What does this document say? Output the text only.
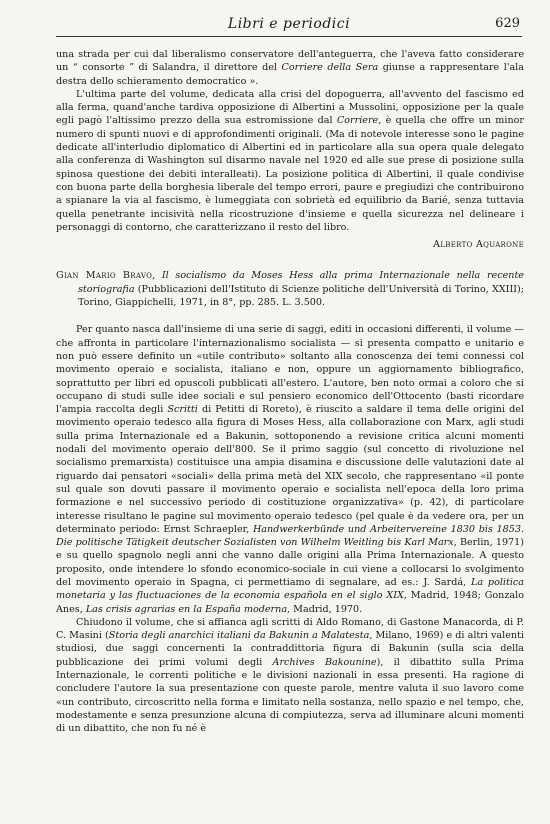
Libri e periodici	629

una strada per cui dal liberalismo conservatore dell'anteguerra, che l'aveva fatto considerare un “ consorte ” di Salandra, il direttore del Corriere della Sera giunse a rappresentare l'ala destra dello schieramento democratico ».

L'ultima parte del volume, dedicata alla crisi del dopoguerra, all'avvento del fascismo ed alla ferma, quand'anche tardiva opposizione di Albertini a Mussolini, opposizione per la quale egli pagò l'altissimo prezzo della sua estromissione dal Corriere, è quella che offre un minor numero di spunti nuovi e di approfondimenti originali. (Ma di notevole interesse sono le pagine dedicate all'interludio diplomatico di Albertini ed in particolare alla sua opera quale delegato alla conferenza di Washington sul disarmo navale nel 1920 ed alle sue prese di posizione sulla spinosa questione dei debiti interalleati). La posizione politica di Albertini, il quale condivise con buona parte della borghesia liberale del tempo errori, paure e pregiudizi che contribuirono a spianare la via al fascismo, è lumeggiata con sobrietà ed equilibrio da Barié, senza tuttavia quella penetrante incisività nella ricostruzione d'insieme e quella sicurezza nel delineare i personaggi di contorno, che caratterizzano il resto del libro.

Alberto Aquarone

Gian Mario Bravo, Il socialismo da Moses Hess alla prima Internazionale nella recente storiografia (Pubblicazioni dell'Istituto di Scienze politiche dell'Università di Torino, XXIII); Torino, Giappichelli, 1971, in 8°, pp. 285. L. 3.500.

Per quanto nasca dall'insieme di una serie di saggi, editi in occasioni differenti, il volume — che affronta in particolare l'internazionalismo socialista — si presenta compatto e unitario e non può essere definito un «utile contributo» soltanto alla conoscenza dei temi connessi col movimento operaio e socialista, italiano e non, oppure un aggiornamento bibliografico, soprattutto per libri ed opuscoli pubblicati all'estero. L'autore, ben noto ormai a coloro che si occupano di studi sulle idee sociali e sul pensiero economico dell'Ottocento (basti ricordare l'ampia raccolta degli Scritti di Petitti di Roreto), è riuscito a saldare il tema delle origini del movimento operaio tedesco alla figura di Moses Hess, alla collaborazione con Marx, agli studi sulla prima Internazionale ed a Bakunin, sottoponendo a revisione critica alcuni momenti nodali del movimento operaio dell'800. Se il primo saggio (sul concetto di rivoluzione nel socialismo premarxista) costituisce una ampia disamina e discussione delle valutazioni date al riguardo dai pensatori «sociali» della prima metà del XIX secolo, che rappresentano «il ponte sul quale son dovuti passare il movimento operaio e socialista nell'epoca della loro prima formazione e nel successivo periodo di costituzione organizzativa» (p. 42), di particolare interesse risultano le pagine sul movimento operaio tedesco (pel quale è da vedere ora, per un determinato periodo: Ernst Schraepler, Handwerkerbünde und Arbeitervereine 1830 bis 1853. Die politische Tätigkeit deutscher Sozialisten von Wilhelm Weitling bis Karl Marx, Berlin, 1971) e su quello spagnolo negli anni che vanno dalle origini alla Prima Internazionale. A questo proposito, onde intendere lo sfondo economico-sociale in cui viene a collocarsi lo svolgimento del movimento operaio in Spagna, ci permettiamo di segnalare, ad es.: J. Sardá, La politica monetaria y las fluctuaciones de la economia española en el siglo XIX, Madrid, 1948; Gonzalo Anes, Las crisis agrarias en la España moderna, Madrid, 1970.

Chiudono il volume, che si affianca agli scritti di Aldo Romano, di Gastone Manacorda, di P. C. Masini (Storia degli anarchici italiani da Bakunin a Malatesta, Milano, 1969) e di altri valenti studiosi, due saggi concernenti la contraddittoria figura di Bakunin (sulla scia della pubblicazione dei primi volumi degli Archives Bakounine), il dibattito sulla Prima Internazionale, le correnti politiche e le divisioni nazionali in essa presenti. Ha ragione di concludere l'autore la sua presentazione con queste parole, mentre valuta il suo lavoro come «un contributo, circoscritto nella forma e limitato nella sostanza, nello spazio e nel tempo, che, modestamente e senza presunzione alcuna di compiutezza, serva ad illuminare alcuni momenti di un dibattito, che non fu né è
